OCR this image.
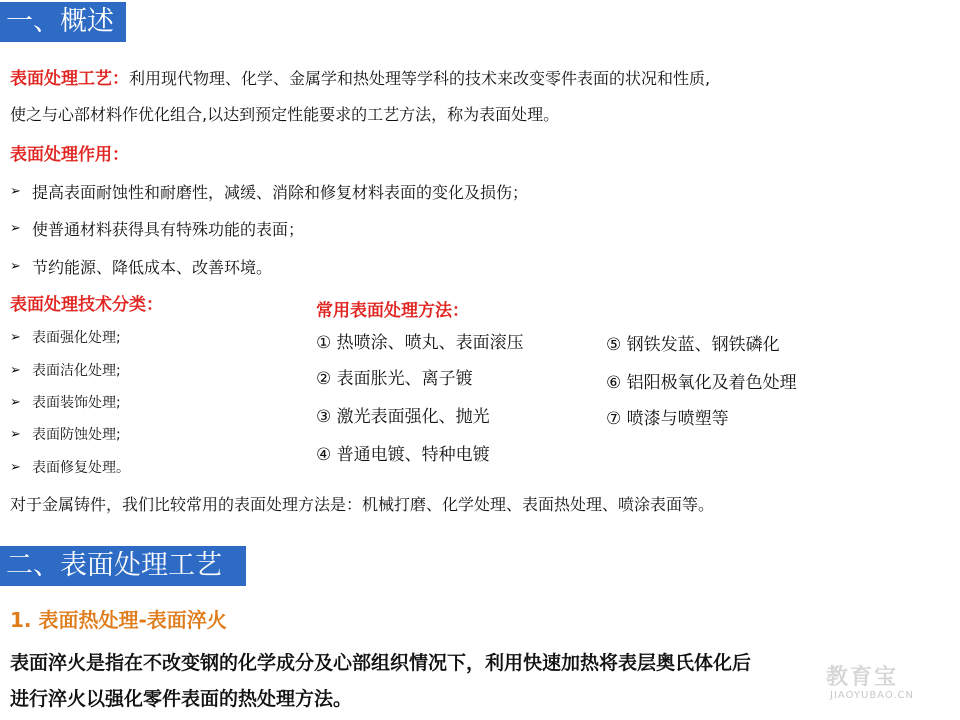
一、概述
表面处理工艺：利用现代物理、化学、金属学和热处理等学科的技术来改变零件表面的状况和性质,
使之与心部材料作优化组合,以达到预定性能要求的工艺方法，称为表面处理。
表面处理作用：
➢ 提高表面耐蚀性和耐磨性，减缓、消除和修复材料表面的变化及损伤；
➢ 使普通材料获得具有特殊功能的表面；
➢ 节约能源、降低成本、改善环境。
表面处理技术分类：
➢ 表面强化处理;
➢ 表面洁化处理;
➢ 表面装饰处理;
➢ 表面防蚀处理;
➢ 表面修复处理。
常用表面处理方法：
① 热喷涂、喷丸、表面滚压
② 表面胀光、离子镀
③ 激光表面强化、抛光
④ 普通电镀、特种电镀
⑤ 钢铁发蓝、钢铁磷化
⑥ 铝阳极氧化及着色处理
⑦ 喷漆与喷塑等
对于金属铸件，我们比较常用的表面处理方法是：机械打磨、化学处理、表面热处理、喷涂表面等。
二、表面处理工艺
1. 表面热处理-表面淬火
表面淬火是指在不改变钢的化学成分及心部组织情况下，利用快速加热将表层奥氏体化后
进行淬火以强化零件表面的热处理方法。
教育宝
JIAOYUBAO.CN
